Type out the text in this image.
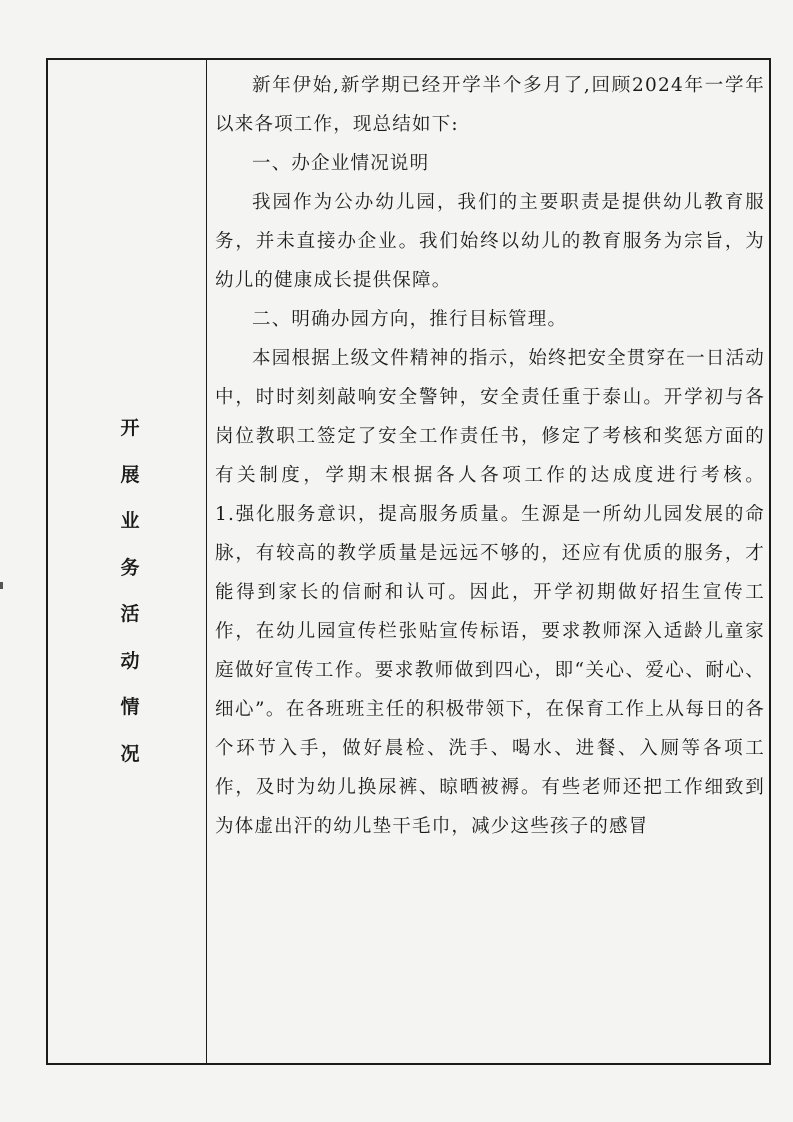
开展业务活动情况

新年伊始,新学期已经开学半个多月了,回顾2024年一学年以来各项工作，现总结如下:

一、办企业情况说明

我园作为公办幼儿园，我们的主要职责是提供幼儿教育服务，并未直接办企业。我们始终以幼儿的教育服务为宗旨，为幼儿的健康成长提供保障。

二、明确办园方向，推行目标管理。

本园根据上级文件精神的指示，始终把安全贯穿在一日活动中，时时刻刻敲响安全警钟，安全责任重于泰山。开学初与各岗位教职工签定了安全工作责任书，修定了考核和奖惩方面的有关制度，学期末根据各人各项工作的达成度进行考核。      1.强化服务意识，提高服务质量。生源是一所幼儿园发展的命脉，有较高的教学质量是远远不够的，还应有优质的服务，才能得到家长的信耐和认可。因此，开学初期做好招生宣传工作，在幼儿园宣传栏张贴宣传标语，要求教师深入适龄儿童家庭做好宣传工作。要求教师做到四心，即“关心、爱心、耐心、细心”。在各班班主任的积极带领下，在保育工作上从每日的各个环节入手，做好晨检、洗手、喝水、进餐、入厕等各项工作，及时为幼儿换尿裤、晾晒被褥。有些老师还把工作细致到为体虚出汗的幼儿垫干毛巾，减少这些孩子的感冒
